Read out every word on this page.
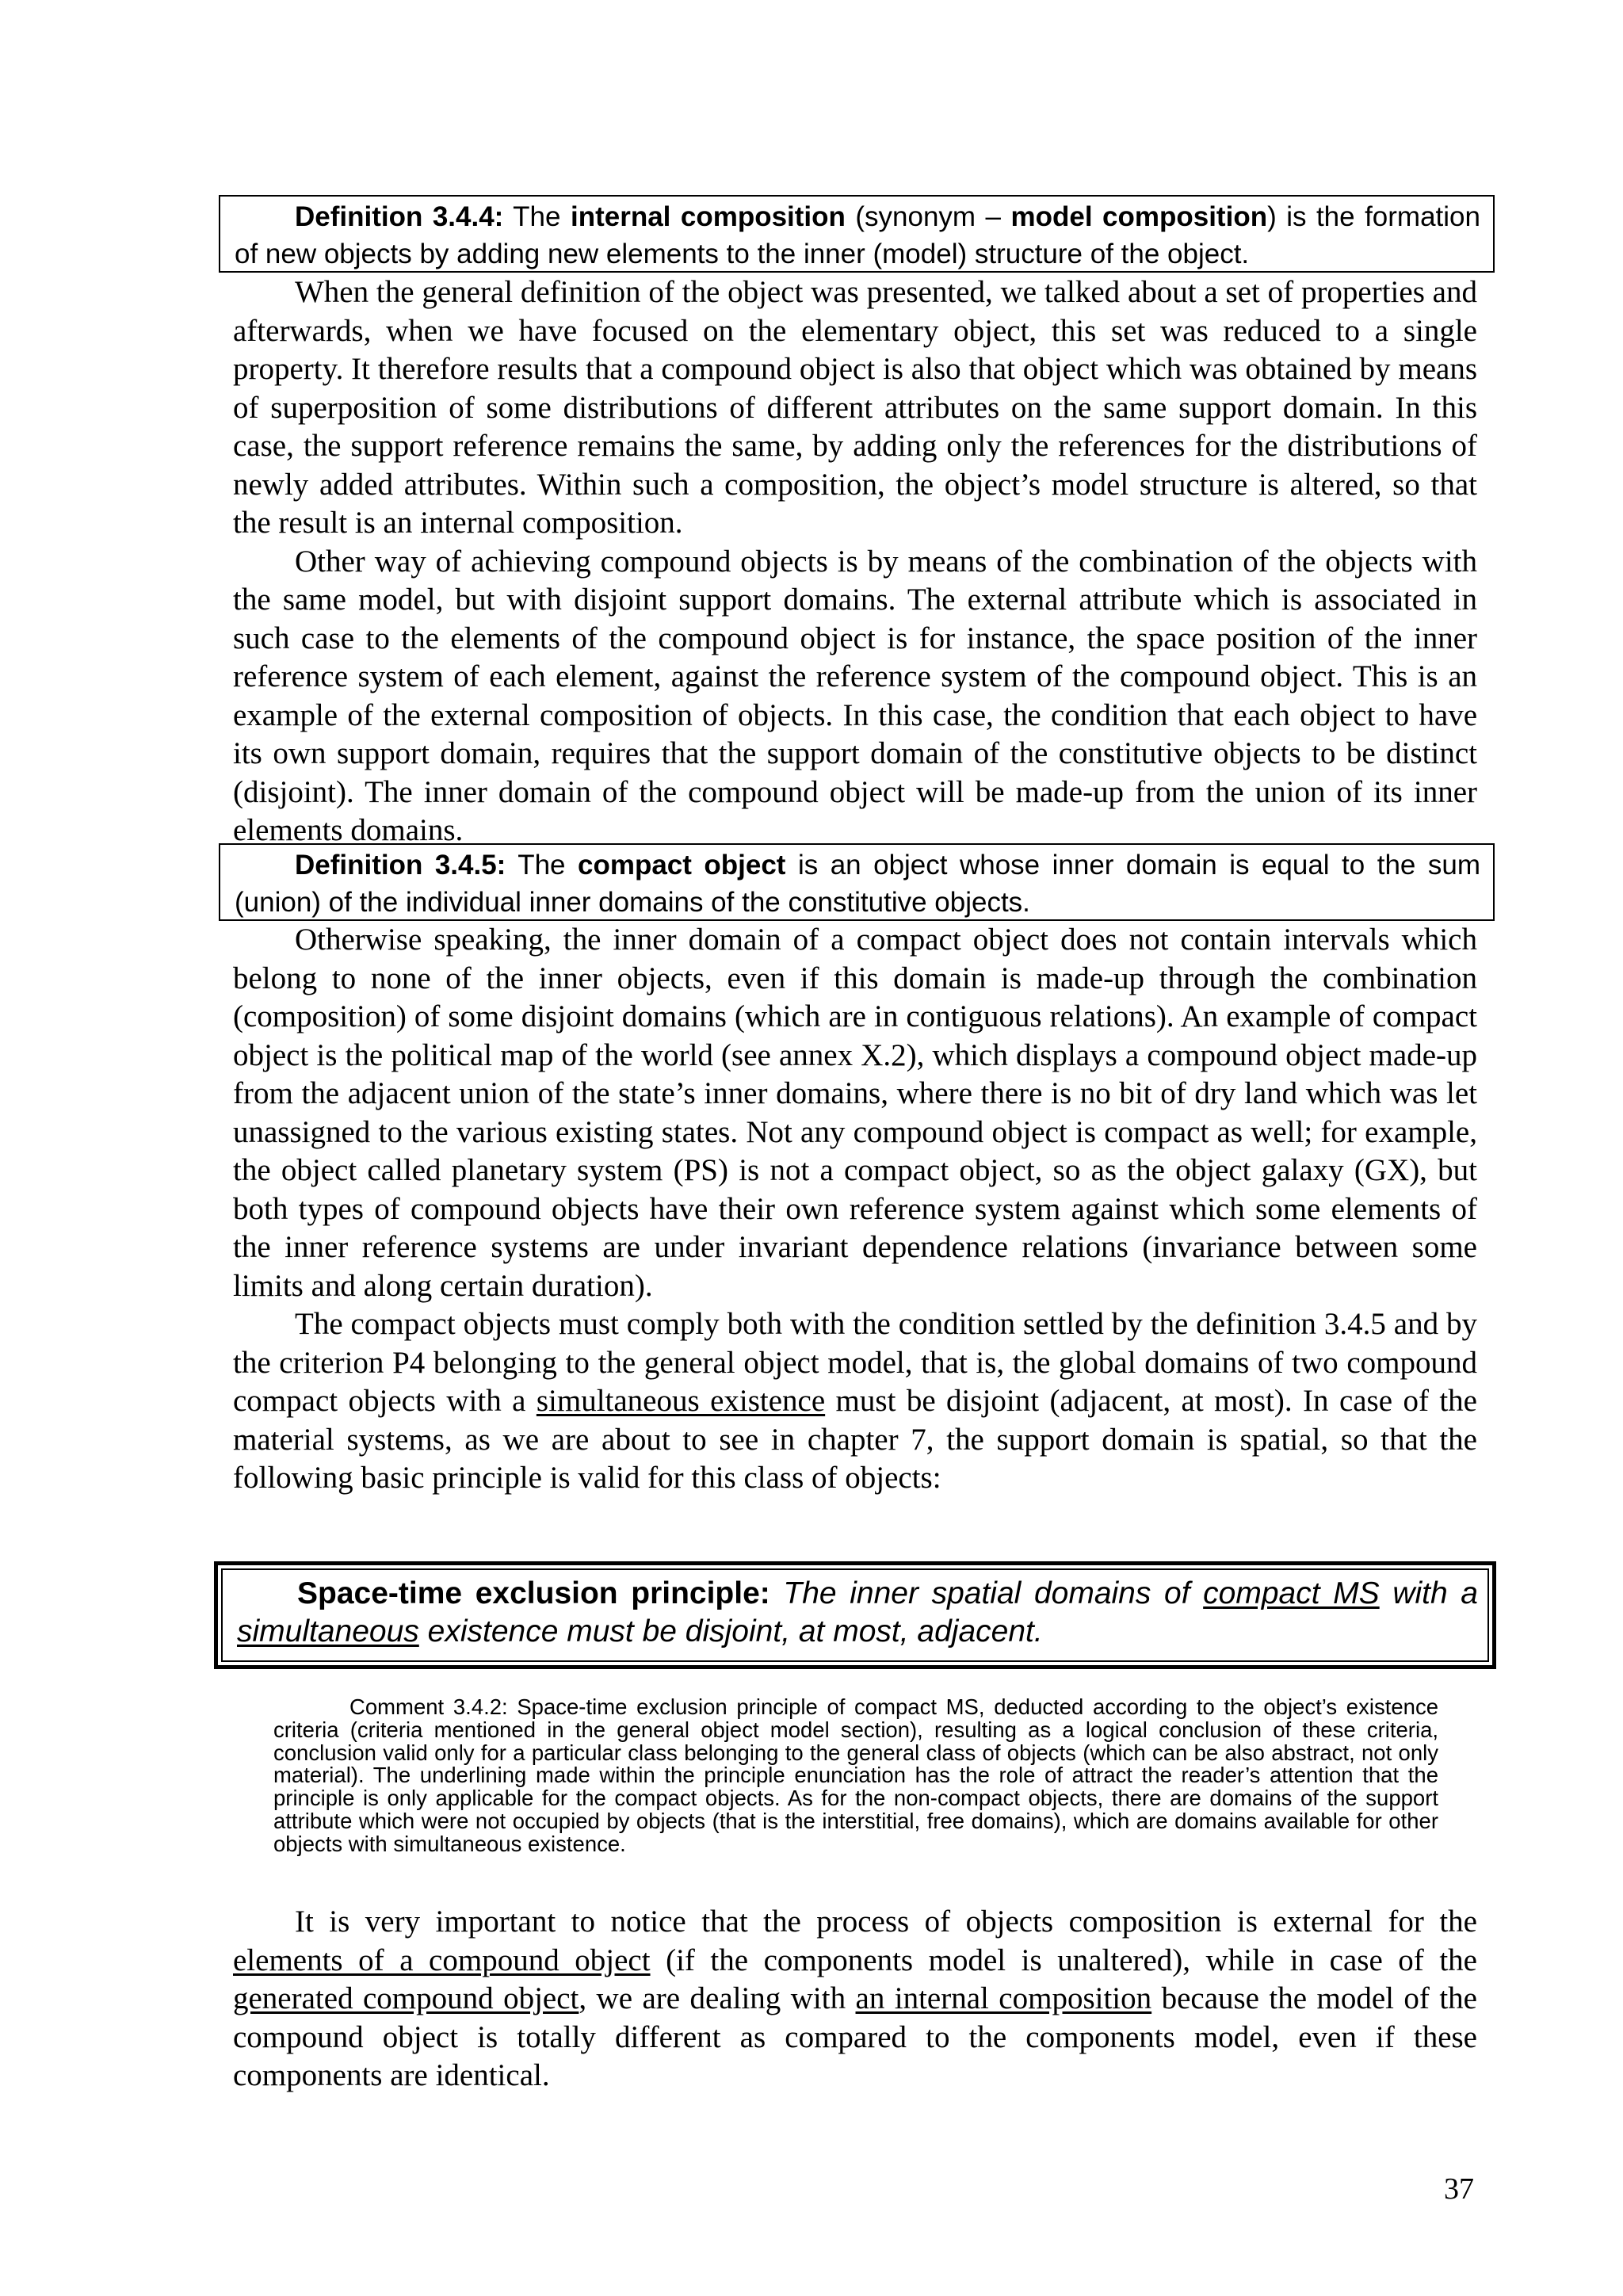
Definition 3.4.4: The internal composition (synonym – model composition) is the formation of new objects by adding new elements to the inner (model) structure of the object.

When the general definition of the object was presented, we talked about a set of properties and afterwards, when we have focused on the elementary object, this set was reduced to a single property. It therefore results that a compound object is also that object which was obtained by means of superposition of some distributions of different attributes on the same support domain. In this case, the support reference remains the same, by adding only the references for the distributions of newly added attributes. Within such a composition, the object’s model structure is altered, so that the result is an internal composition.

Other way of achieving compound objects is by means of the combination of the objects with the same model, but with disjoint support domains. The external attribute which is associated in such case to the elements of the compound object is for instance, the space position of the inner reference system of each element, against the reference system of the compound object. This is an example of the external composition of objects. In this case, the condition that each object to have its own support domain, requires that the support domain of the constitutive objects to be distinct (disjoint). The inner domain of the compound object will be made-up from the union of its inner elements domains.

Definition 3.4.5: The compact object is an object whose inner domain is equal to the sum (union) of the individual inner domains of the constitutive objects.

Otherwise speaking, the inner domain of a compact object does not contain intervals which belong to none of the inner objects, even if this domain is made-up through the combination (composition) of some disjoint domains (which are in contiguous relations). An example of compact object is the political map of the world (see annex X.2), which displays a compound object made-up from the adjacent union of the state’s inner domains, where there is no bit of dry land which was let unassigned to the various existing states. Not any compound object is compact as well; for example, the object called planetary system (PS) is not a compact object, so as the object galaxy (GX), but both types of compound objects have their own reference system against which some elements of the inner reference systems are under invariant dependence relations (invariance between some limits and along certain duration).

The compact objects must comply both with the condition settled by the definition 3.4.5 and by the criterion P4 belonging to the general object model, that is, the global domains of two compound compact objects with a simultaneous existence must be disjoint (adjacent, at most). In case of the material systems, as we are about to see in chapter 7, the support domain is spatial, so that the following basic principle is valid for this class of objects:

Space-time exclusion principle: The inner spatial domains of compact MS with a simultaneous existence must be disjoint, at most, adjacent.
Comment 3.4.2: Space-time exclusion principle of compact MS, deducted according to the object’s existence criteria (criteria mentioned in the general object model section), resulting as a logical conclusion of these criteria, conclusion valid only for a particular class belonging to the general class of objects (which can be also abstract, not only material). The underlining made within the principle enunciation has the role of attract the reader’s attention that the principle is only applicable for the compact objects. As for the non-compact objects, there are domains of the support attribute which were not occupied by objects (that is the interstitial, free domains), which are domains available for other objects with simultaneous existence.

It is very important to notice that the process of objects composition is external for the elements of a compound object (if the components model is unaltered), while in case of the generated compound object, we are dealing with an internal composition because the model of the compound object is totally different as compared to the components model, even if these components are identical.

37
